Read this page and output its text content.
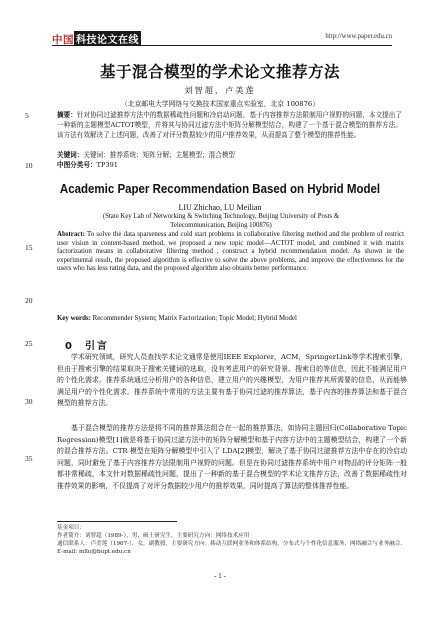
中国 科技论文在线	http://www.paper.edu.cn
基于混合模型的学术论文推荐方法
刘智超，卢美莲
（北京邮电大学网络与交换技术国家重点实验室，北京 100876）
5
10
15
20
25
30
35
摘要：针对协同过滤推荐方法中的数据稀疏性问题和冷启动问题，基于内容推荐方法限制用户视野的问题，本文提出了一种新的主题模型ACTOT模型，并将其与协同过滤方法中矩阵分解模型结合，构建了一个基于混合模型的推荐方法。该方法有效解决了上述问题，改善了对评分数据较少的用户推荐效果，从而提高了整个模型的推荐性能。
关键词：关键词：推荐系统；矩阵分解；主题模型；混合模型
中图分类号：TP391
Academic Paper Recommendation Based on Hybrid Model
LIU Zhichao, LU Meilian
(State Key Lab of Networking & Switching Technology, Beijing University of Posts & Telecommunication, Beijing 100876)
Abstract: To solve the data sparseness and cold start problems in collaborative filtering method and the problem of restrict user vision in content-based method, we proposed a new topic model—ACTOT model, and combined it with matrix factorization means in collaborative filtering method , construct a hybrid recommendation model. As shown in the experimental result, the proposed algorithm is effective to solve the above problems, and improve the effectiveness for the users who has less rating data, and the proposed algorithm also obtains better performance.
Key words: Recommender System; Matrix Factorization; Topic Model; Hybrid Model
0 引言
学术研究领域，研究人员查找学术论文通常是使用IEEE Explorer，ACM，SpringerLink等学术搜索引擎，但由于搜索引擎的结果取决于搜索关键词的选取，没有考虑用户的研究背景、搜索目的等信息，因此不能满足用户的个性化需求。推荐系统通过分析用户的各种信息，建立用户的兴趣模型，为用户推荐其所需要的信息，从而能够满足用户的个性化需求。推荐系统中常用的方法主要有基于协同过滤的推荐算法，基于内容的推荐算法和基于混合模型的推荐方法。
基于混合模型的推荐方法是将不同的推荐算法组合在一起的推荐算法，如协同主题回归(Collaborative Topic Regression)模型[1]就是将基于协同过滤方法中的矩阵分解模型和基于内容方法中的主题模型结合，构建了一个新的混合推荐方法。CTR 模型在矩阵分解模型中引入了 LDA[2]模型，解决了基于协同过滤推荐方法中存在的冷启动问题，同时避免了基于内容推荐方法限制用户视野的问题。但是在协同过滤推荐系统中用户对物品的评分矩阵一般都非常稀疏，本文针对数据稀疏性问题，提出了一种新的基于混合模型的学术论文推荐方法，改善了数据稀疏性对推荐效果的影响，不仅提高了对评分数据较少用户的推荐效果，同时提高了算法的整体推荐性能。
基金项目：
作者简介：刘智超（1989-），男，硕士研究生，主要研究方向：网络技术应用
通信联系人：卢美莲（1967-），女，副教授，主要研究方向：移动互联网业务和体系结构，分布式与个性化信息服务，网络融合与业务融合. E-mail: mllu@bupt.edu.cn
- 1 -
